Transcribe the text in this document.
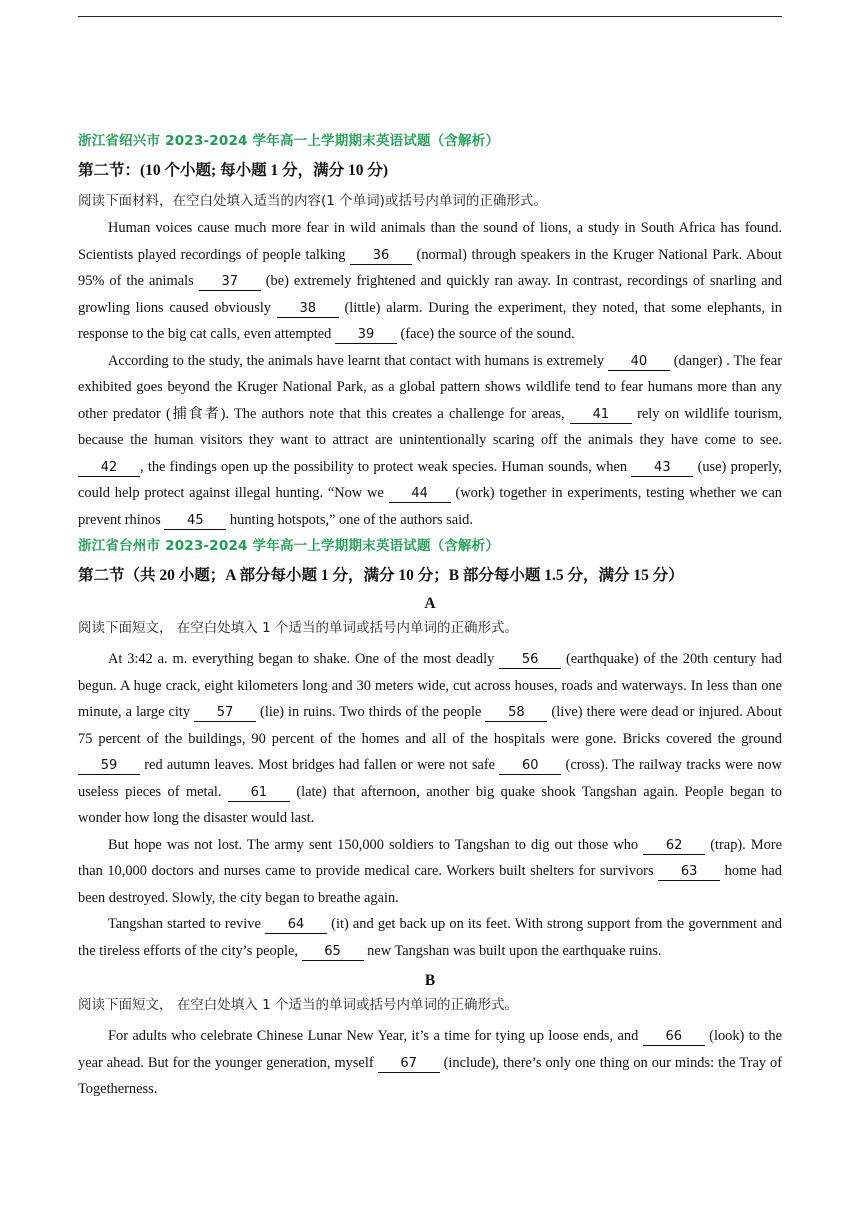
浙江省绍兴市 2023-2024 学年高一上学期期末英语试题（含解析）
第二节：(10 个小题; 每小题 1 分，满分 10 分)
阅读下面材料，在空白处填入适当的内容(1 个单词)或括号内单词的正确形式。

Human voices cause much more fear in wild animals than the sound of lions, a study in South Africa has found. Scientists played recordings of people talking 36 (normal) through speakers in the Kruger National Park. About 95% of the animals 37 (be) extremely frightened and quickly ran away. In contrast, recordings of snarling and growling lions caused obviously 38 (little) alarm. During the experiment, they noted, that some elephants, in response to the big cat calls, even attempted 39 (face) the source of the sound.

According to the study, the animals have learnt that contact with humans is extremely 40 (danger) . The fear exhibited goes beyond the Kruger National Park, as a global pattern shows wildlife tend to fear humans more than any other predator (捕食者). The authors note that this creates a challenge for areas, 41 rely on wildlife tourism, because the human visitors they want to attract are unintentionally scaring off the animals they have come to see. 42 , the findings open up the possibility to protect weak species. Human sounds, when 43 (use) properly, could help protect against illegal hunting. “Now we 44 (work) together in experiments, testing whether we can prevent rhinos 45 hunting hotspots,” one of the authors said.

浙江省台州市 2023-2024 学年高一上学期期末英语试题（含解析）
第二节（共 20 小题；A 部分每小题 1 分，满分 10 分；B 部分每小题 1.5 分，满分 15 分）
A
阅读下面短文， 在空白处填入 1 个适当的单词或括号内单词的正确形式。

At 3:42 a. m. everything began to shake. One of the most deadly 56 (earthquake) of the 20th century had begun. A huge crack, eight kilometers long and 30 meters wide, cut across houses, roads and waterways. In less than one minute, a large city 57 (lie) in ruins. Two thirds of the people 58 (live) there were dead or injured. About 75 percent of the buildings, 90 percent of the homes and all of the hospitals were gone. Bricks covered the ground 59 red autumn leaves. Most bridges had fallen or were not safe 60 (cross). The railway tracks were now useless pieces of metal. 61 (late) that afternoon, another big quake shook Tangshan again. People began to wonder how long the disaster would last.

But hope was not lost. The army sent 150,000 soldiers to Tangshan to dig out those who 62 (trap). More than 10,000 doctors and nurses came to provide medical care. Workers built shelters for survivors 63 home had been destroyed. Slowly, the city began to breathe again.

Tangshan started to revive 64 (it) and get back up on its feet. With strong support from the government and the tireless efforts of the city’s people, 65 new Tangshan was built upon the earthquake ruins.

B
阅读下面短文， 在空白处填入 1 个适当的单词或括号内单词的正确形式。

For adults who celebrate Chinese Lunar New Year, it’s a time for tying up loose ends, and 66 (look) to the year ahead. But for the younger generation, myself 67 (include), there’s only one thing on our minds: the Tray of Togetherness.
